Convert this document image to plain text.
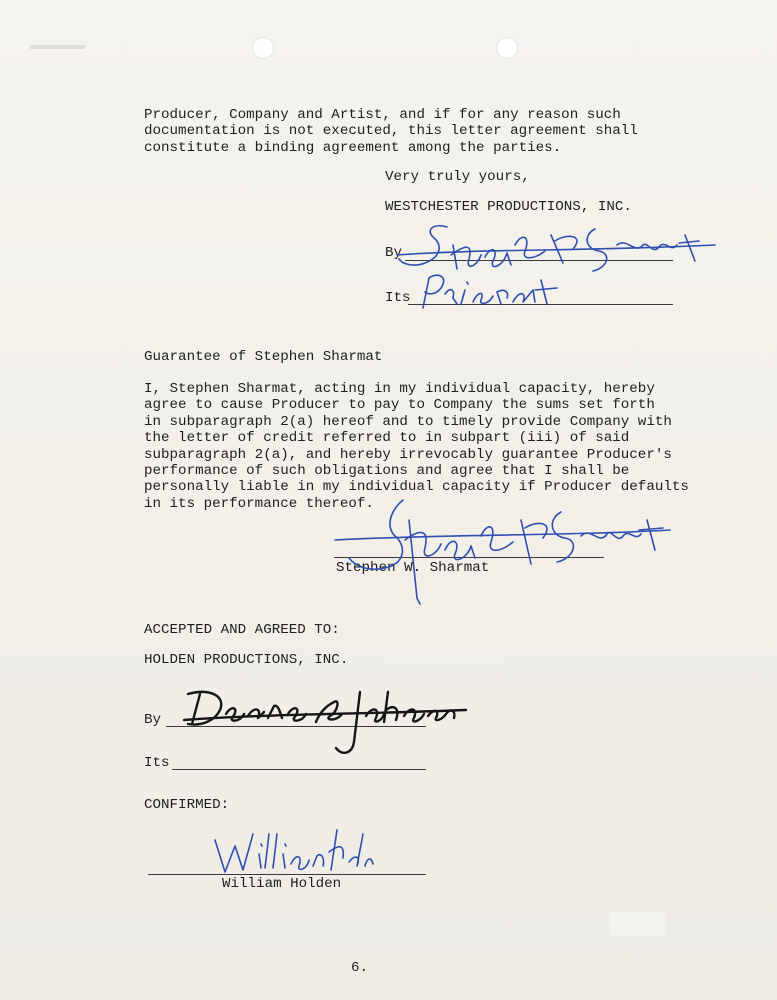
Producer, Company and Artist, and if for any reason such
documentation is not executed, this letter agreement shall
constitute a binding agreement among the parties.
Very truly yours,
WESTCHESTER PRODUCTIONS, INC.
By
Its
Guarantee of Stephen Sharmat
I, Stephen Sharmat, acting in my individual capacity, hereby
agree to cause Producer to pay to Company the sums set forth
in subparagraph 2(a) hereof and to timely provide Company with
the letter of credit referred to in subpart (iii) of said
subparagraph 2(a), and hereby irrevocably guarantee Producer's
performance of such obligations and agree that I shall be
personally liable in my individual capacity if Producer defaults
in its performance thereof.
Stephen W. Sharmat
ACCEPTED AND AGREED TO:
HOLDEN PRODUCTIONS, INC.
By
Its
CONFIRMED:
William Holden
6.
